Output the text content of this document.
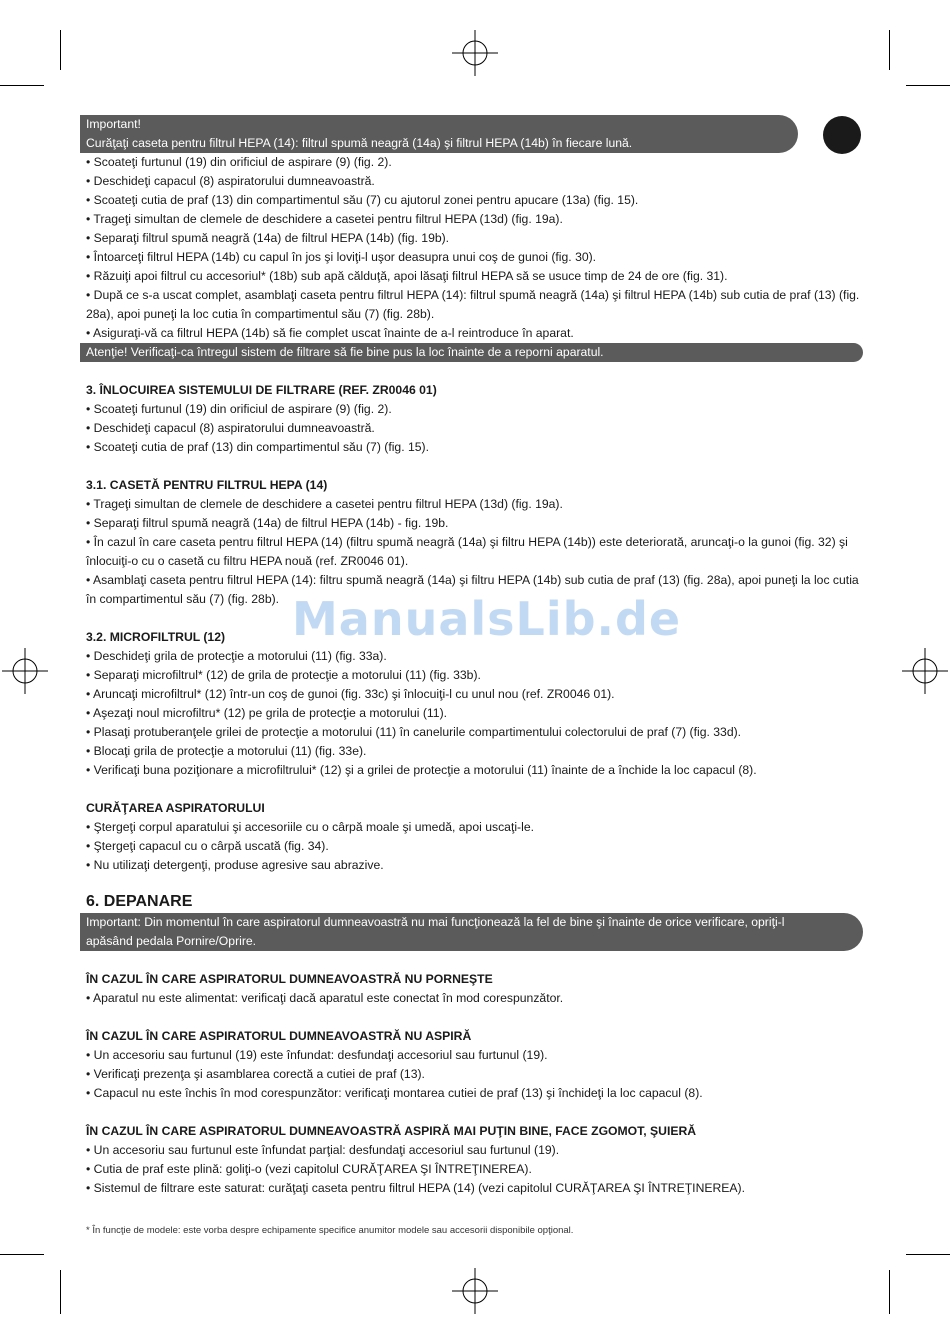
Important!
Curăţaţi caseta pentru filtrul HEPA (14): filtrul spumă neagră (14a) şi filtrul HEPA (14b) în fiecare lună.
• Scoateţi furtunul (19) din orificiul de aspirare (9) (fig. 2).
• Deschideţi capacul (8) aspiratorului dumneavoastră.
• Scoateţi cutia de praf (13) din compartimentul său (7) cu ajutorul zonei pentru apucare (13a) (fig. 15).
• Trageţi simultan de clemele de deschidere a casetei pentru filtrul HEPA (13d) (fig. 19a).
• Separaţi filtrul spumă neagră (14a) de filtrul HEPA (14b) (fig. 19b).
• Întoarceţi filtrul HEPA (14b) cu capul în jos şi loviţi-l uşor deasupra unui coş de gunoi (fig. 30).
• Răzuiţi apoi filtrul cu accesoriul* (18b) sub apă călduţă, apoi lăsaţi filtrul HEPA să se usuce timp de 24 de ore (fig. 31).
• După ce s-a uscat complet, asamblaţi caseta pentru filtrul HEPA (14): filtrul spumă neagră (14a) şi filtrul HEPA (14b) sub cutia de praf (13) (fig. 28a), apoi puneţi la loc cutia în compartimentul său (7) (fig. 28b).
• Asiguraţi-vă ca filtrul HEPA (14b) să fie complet uscat înainte de a-l reintroduce în aparat.
Atenţie! Verificaţi-ca întregul sistem de filtrare să fie bine pus la loc înainte de a reporni aparatul.
3. ÎNLOCUIREA SISTEMULUI DE FILTRARE (REF. ZR0046 01)
• Scoateţi furtunul (19) din orificiul de aspirare (9) (fig. 2).
• Deschideţi capacul (8) aspiratorului dumneavoastră.
• Scoateţi cutia de praf (13) din compartimentul său (7) (fig. 15).
3.1. CASETĂ PENTRU FILTRUL HEPA (14)
• Trageţi simultan de clemele de deschidere a casetei pentru filtrul HEPA (13d) (fig. 19a).
• Separaţi filtrul spumă neagră (14a) de filtrul HEPA (14b) - fig. 19b.
• În cazul în care caseta pentru filtrul HEPA (14) (filtru spumă neagră (14a) şi filtru HEPA (14b)) este deteriorată, aruncaţi-o la gunoi (fig. 32) şi înlocuiţi-o cu o casetă cu filtru HEPA nouă (ref. ZR0046 01).
• Asamblaţi caseta pentru filtrul HEPA (14): filtru spumă neagră (14a) şi filtru HEPA (14b) sub cutia de praf (13) (fig. 28a), apoi puneţi la loc cutia în compartimentul său (7) (fig. 28b).
3.2. MICROFILTRUL (12)
• Deschideţi grila de protecţie a motorului (11) (fig. 33a).
• Separaţi microfiltrul* (12) de grila de protecţie a motorului (11) (fig. 33b).
• Aruncaţi microfiltrul* (12) într-un coş de gunoi (fig. 33c) şi înlocuiţi-l cu unul nou (ref. ZR0046 01).
• Aşezaţi noul microfiltru* (12) pe grila de protecţie a motorului (11).
• Plasaţi protuberanţele grilei de protecţie a motorului (11) în canelurile compartimentului colectorului de praf (7) (fig. 33d).
• Blocaţi grila de protecţie a motorului (11) (fig. 33e).
• Verificaţi buna poziţionare a microfiltrului* (12) şi a grilei de protecţie a motorului (11) înainte de a închide la loc capacul (8).
CURĂŢAREA ASPIRATORULUI
• Ştergeţi corpul aparatului şi accesoriile cu o cârpă moale şi umedă, apoi uscaţi-le.
• Ştergeţi capacul cu o cârpă uscată (fig. 34).
• Nu utilizaţi detergenţi, produse agresive sau abrazive.
6. DEPANARE
Important: Din momentul în care aspiratorul dumneavoastră nu mai funcţionează la fel de bine şi înainte de orice verificare, opriţi-l apăsând pedala Pornire/Oprire.
ÎN CAZUL ÎN CARE ASPIRATORUL DUMNEAVOASTRĂ NU PORNEŞTE
• Aparatul nu este alimentat: verificaţi dacă aparatul este conectat în mod corespunzător.
ÎN CAZUL ÎN CARE ASPIRATORUL DUMNEAVOASTRĂ NU ASPIRĂ
• Un accesoriu sau furtunul (19) este înfundat: desfundaţi accesoriul sau furtunul (19).
• Verificaţi prezenţa şi asamblarea corectă a cutiei de praf (13).
• Capacul nu este închis în mod corespunzător: verificaţi montarea cutiei de praf (13) şi închideţi la loc capacul (8).
ÎN CAZUL ÎN CARE ASPIRATORUL DUMNEAVOASTRĂ ASPIRĂ MAI PUŢIN BINE, FACE ZGOMOT, ŞUIERĂ
• Un accesoriu sau furtunul este înfundat parţial: desfundaţi accesoriul sau furtunul (19).
• Cutia de praf este plină: goliţi-o (vezi capitolul CURĂŢAREA ŞI ÎNTREŢINEREA).
• Sistemul de filtrare este saturat: curăţaţi caseta pentru filtrul HEPA (14) (vezi capitolul CURĂŢAREA ŞI ÎNTREŢINEREA).
* În funcţie de modele: este vorba despre echipamente specifice anumitor modele sau accesorii disponibile opţional.
ManualsLib.de
